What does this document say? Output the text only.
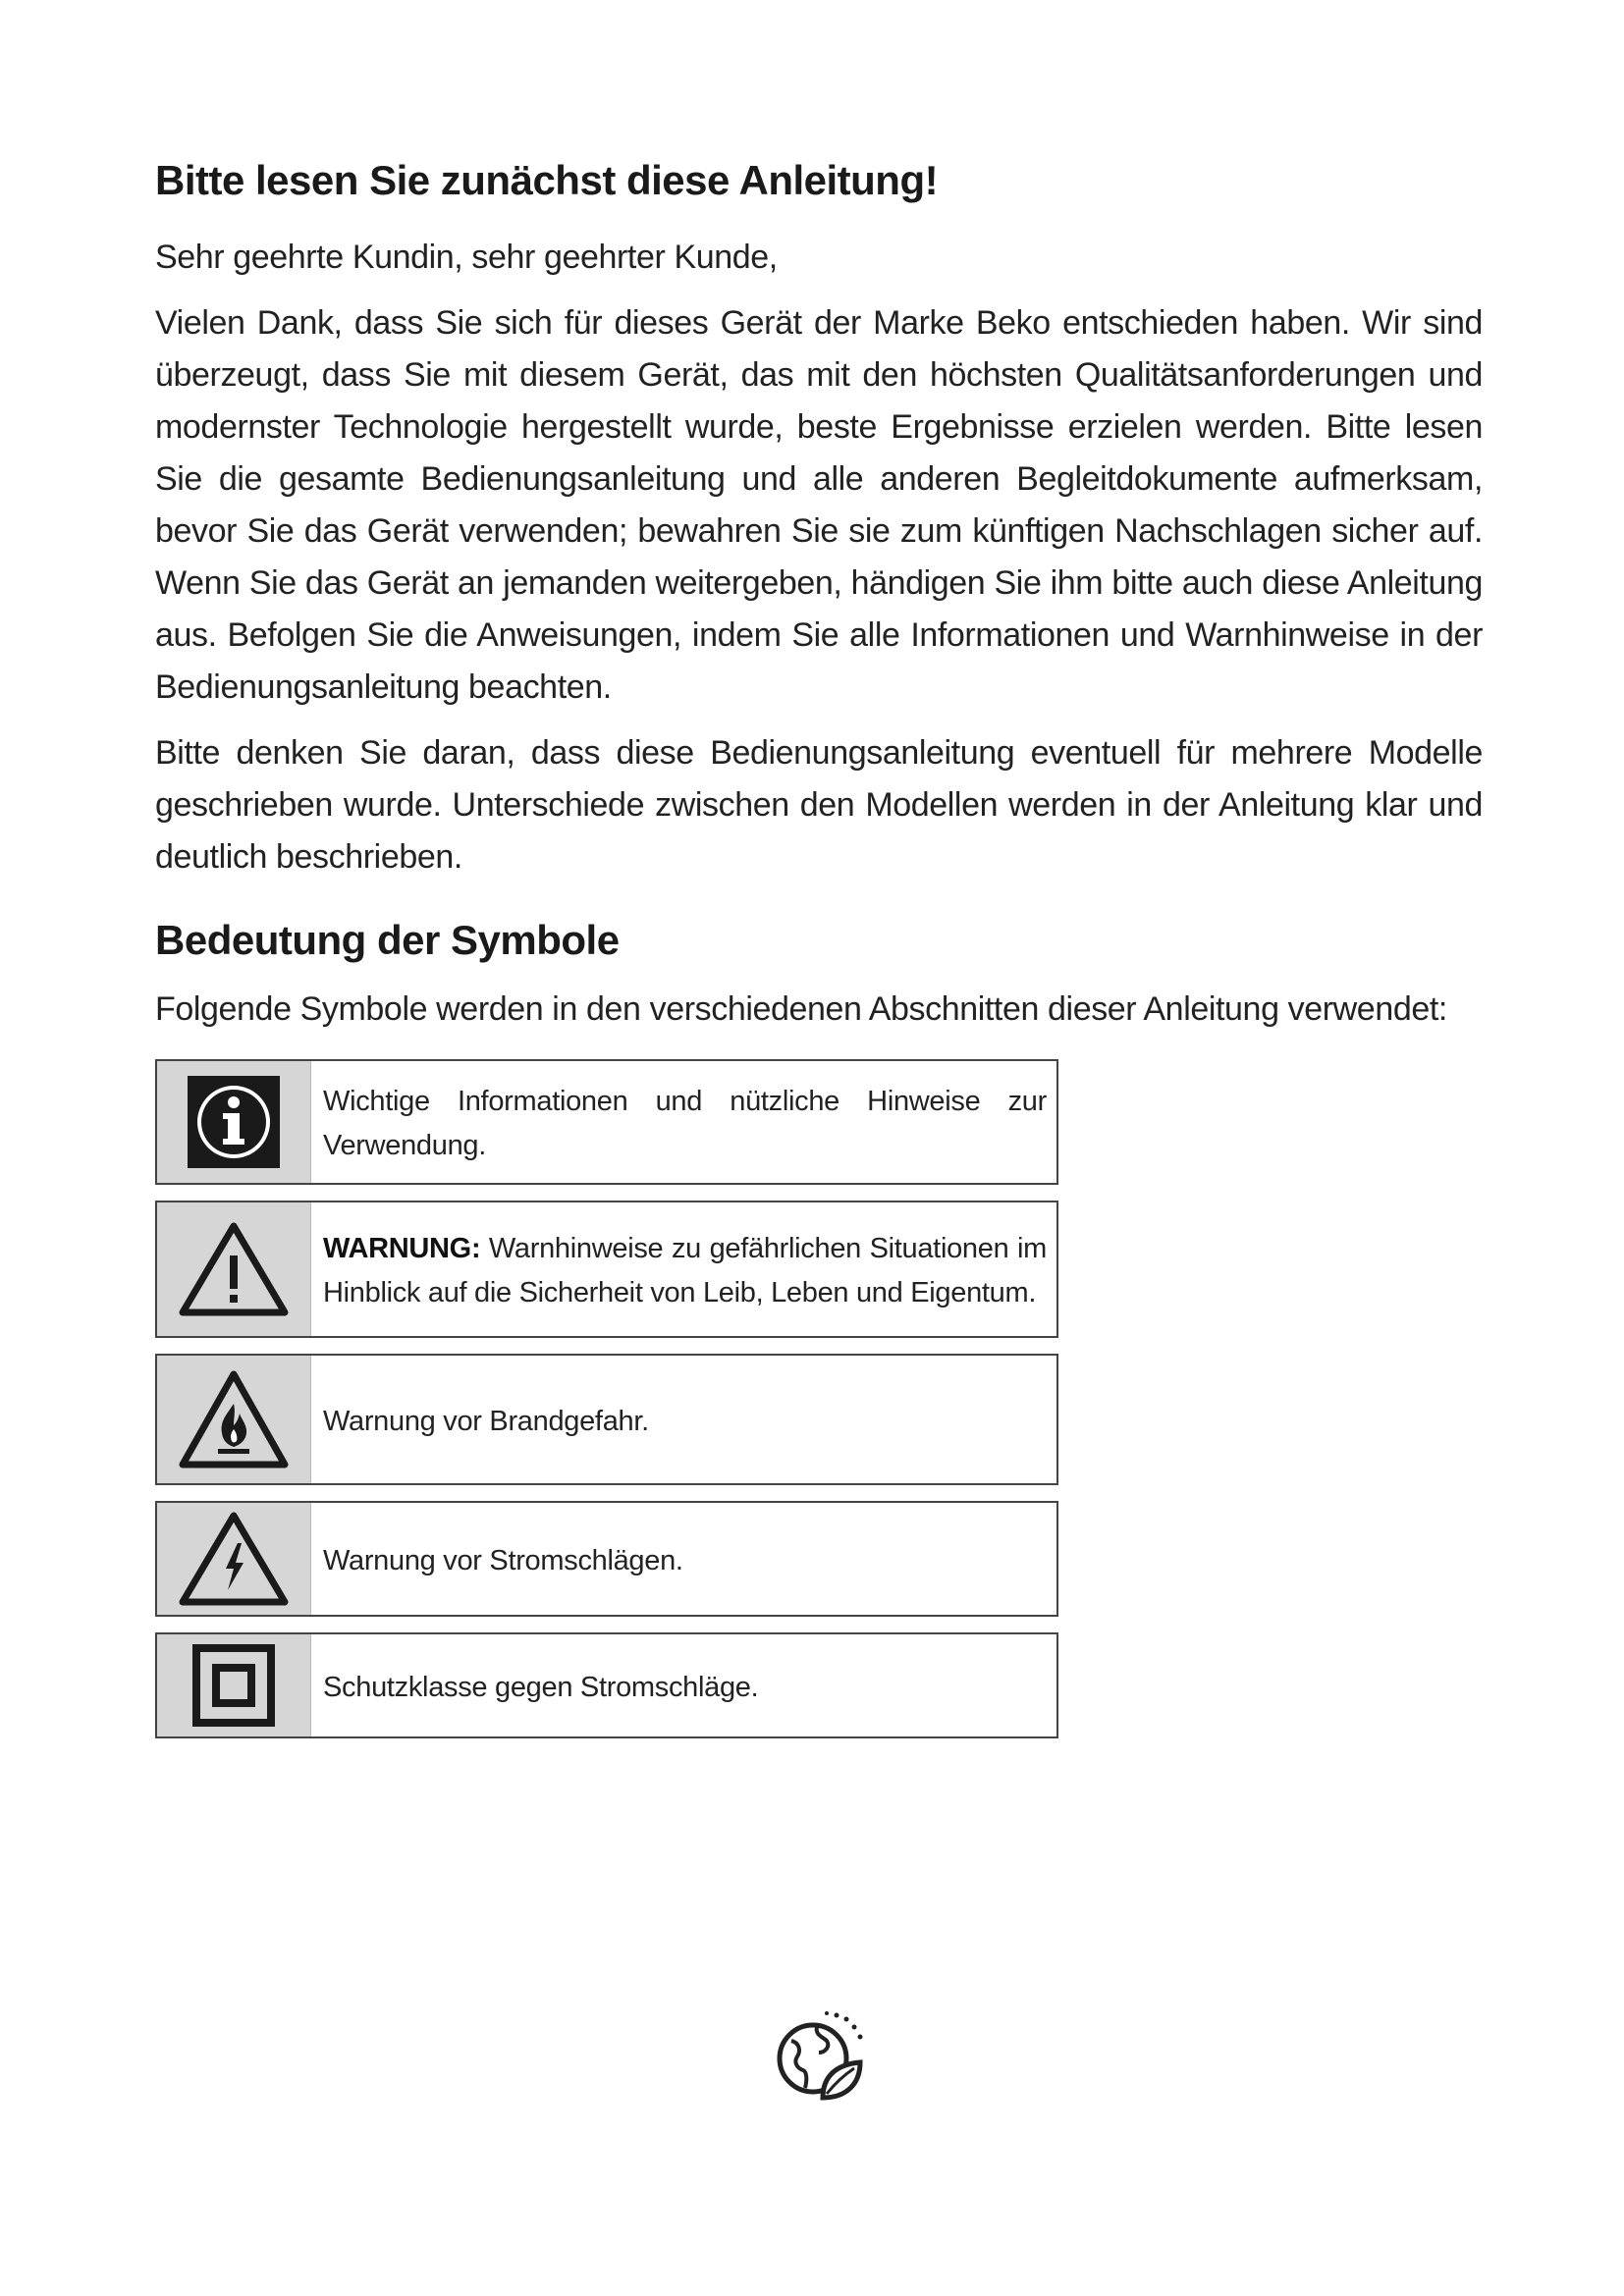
Bitte lesen Sie zunächst diese Anleitung!

Sehr geehrte Kundin, sehr geehrter Kunde,

Vielen Dank, dass Sie sich für dieses Gerät der Marke Beko entschieden haben. Wir sind überzeugt, dass Sie mit diesem Gerät, das mit den höchsten Qualitätsanforderungen und modernster Technologie hergestellt wurde, beste Ergebnisse erzielen werden. Bitte lesen Sie die gesamte Bedienungsanleitung und alle anderen Begleitdokumente aufmerksam, bevor Sie das Gerät verwenden; bewahren Sie sie zum künftigen Nachschlagen sicher auf. Wenn Sie das Gerät an jemanden weitergeben, händigen Sie ihm bitte auch diese Anleitung aus. Befolgen Sie die Anweisungen, indem Sie alle Informationen und Warnhinweise in der Bedienungsanleitung beachten.

Bitte denken Sie daran, dass diese Bedienungsanleitung eventuell für mehrere Modelle geschrieben wurde. Unterschiede zwischen den Modellen werden in der Anleitung klar und deutlich beschrieben.

Bedeutung der Symbole

Folgende Symbole werden in den verschiedenen Abschnitten dieser Anleitung verwendet:

Wichtige Informationen und nützliche Hinweise zur Verwendung.
WARNUNG: Warnhinweise zu gefährlichen Situationen im Hinblick auf die Sicherheit von Leib, Leben und Eigentum.
Warnung vor Brandgefahr.
Warnung vor Stromschlägen.
Schutzklasse gegen Stromschläge.
